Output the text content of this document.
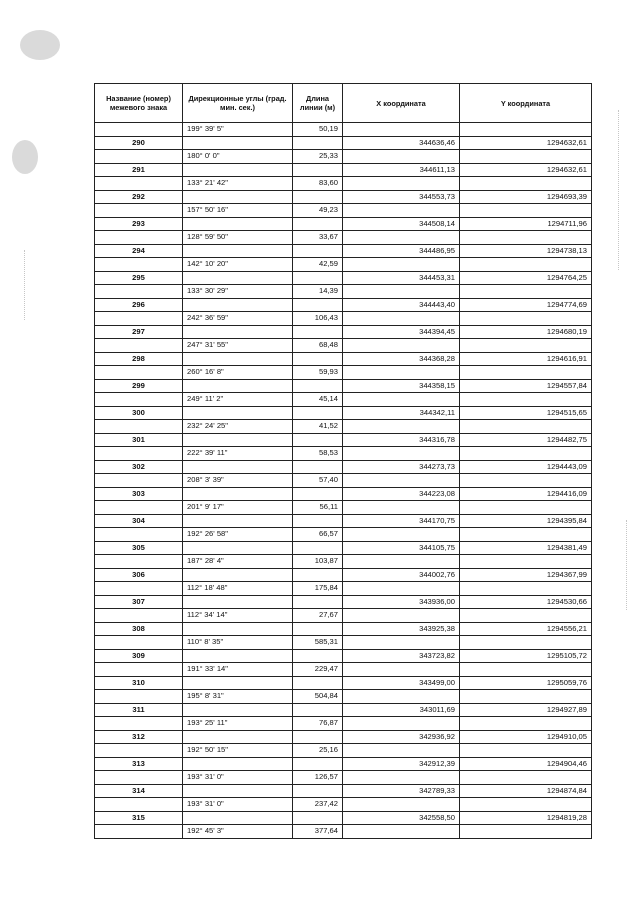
Название (номер) межевого знака	Дирекционные углы (град. мин. сек.)	Длина линии (м)	X координата	Y координата
	199° 39' 5"	50,19		
290			344636,46	1294632,61
	180° 0' 0"	25,33		
291			344611,13	1294632,61
	133° 21' 42"	83,60		
292			344553,73	1294693,39
	157° 50' 16"	49,23		
293			344508,14	1294711,96
	128° 59' 50"	33,67		
294			344486,95	1294738,13
	142° 10' 20"	42,59		
295			344453,31	1294764,25
	133° 30' 29"	14,39		
296			344443,40	1294774,69
	242° 36' 59"	106,43		
297			344394,45	1294680,19
	247° 31' 55"	68,48		
298			344368,28	1294616,91
	260° 16' 8"	59,93		
299			344358,15	1294557,84
	249° 11' 2"	45,14		
300			344342,11	1294515,65
	232° 24' 25"	41,52		
301			344316,78	1294482,75
	222° 39' 11"	58,53		
302			344273,73	1294443,09
	208° 3' 39"	57,40		
303			344223,08	1294416,09
	201° 9' 17"	56,11		
304			344170,75	1294395,84
	192° 26' 58"	66,57		
305			344105,75	1294381,49
	187° 28' 4"	103,87		
306			344002,76	1294367,99
	112° 18' 48"	175,84		
307			343936,00	1294530,66
	112° 34' 14"	27,67		
308			343925,38	1294556,21
	110° 8' 35"	585,31		
309			343723,82	1295105,72
	191° 33' 14"	229,47		
310			343499,00	1295059,76
	195° 8' 31"	504,84		
311			343011,69	1294927,89
	193° 25' 11"	76,87		
312			342936,92	1294910,05
	192° 50' 15"	25,16		
313			342912,39	1294904,46
	193° 31' 0"	126,57		
314			342789,33	1294874,84
	193° 31' 0"	237,42		
315			342558,50	1294819,28
	192° 45' 3"	377,64		
